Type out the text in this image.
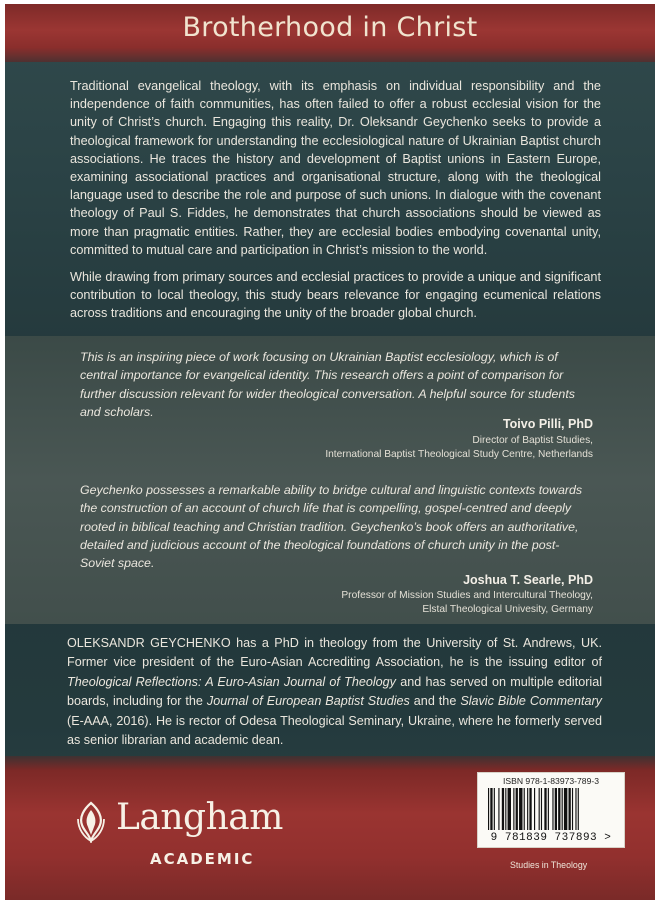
Brotherhood in Christ

Traditional evangelical theology, with its emphasis on individual responsibility and the independence of faith communities, has often failed to offer a robust ecclesial vision for the unity of Christ’s church. Engaging this reality, Dr. Oleksandr Geychenko seeks to provide a theological framework for understanding the ecclesiological nature of Ukrainian Baptist church associations. He traces the history and development of Baptist unions in Eastern Europe, examining associational practices and organisational structure, along with the theological language used to describe the role and purpose of such unions. In dialogue with the covenant theology of Paul S. Fiddes, he demonstrates that church associations should be viewed as more than pragmatic entities. Rather, they are ecclesial bodies embodying covenantal unity, committed to mutual care and participation in Christ’s mission to the world.

While drawing from primary sources and ecclesial practices to provide a unique and significant contribution to local theology, this study bears relevance for engaging ecumenical relations across traditions and encouraging the unity of the broader global church.

This is an inspiring piece of work focusing on Ukrainian Baptist ecclesiology, which is of central importance for evangelical identity. This research offers a point of comparison for further discussion relevant for wider theological conversation. A helpful source for students and scholars.

Toivo Pilli, PhD
Director of Baptist Studies,
International Baptist Theological Study Centre, Netherlands

Geychenko possesses a remarkable ability to bridge cultural and linguistic contexts towards the construction of an account of church life that is compelling, gospel-centred and deeply rooted in biblical teaching and Christian tradition. Geychenko’s book offers an authoritative, detailed and judicious account of the theological foundations of church unity in the post-Soviet space.

Joshua T. Searle, PhD
Professor of Mission Studies and Intercultural Theology,
Elstal Theological Univesity, Germany

OLEKSANDR GEYCHENKO has a PhD in theology from the University of St. Andrews, UK. Former vice president of the Euro-Asian Accrediting Association, he is the issuing editor of Theological Reflections: A Euro-Asian Journal of Theology and has served on multiple editorial boards, including for the Journal of European Baptist Studies and the Slavic Bible Commentary (E-AAA, 2016). He is rector of Odesa Theological Seminary, Ukraine, where he formerly served as senior librarian and academic dean.

Langham
ACADEMIC
ISBN 978-1-83973-789-3
9 781839 737893 >
Studies in Theology
